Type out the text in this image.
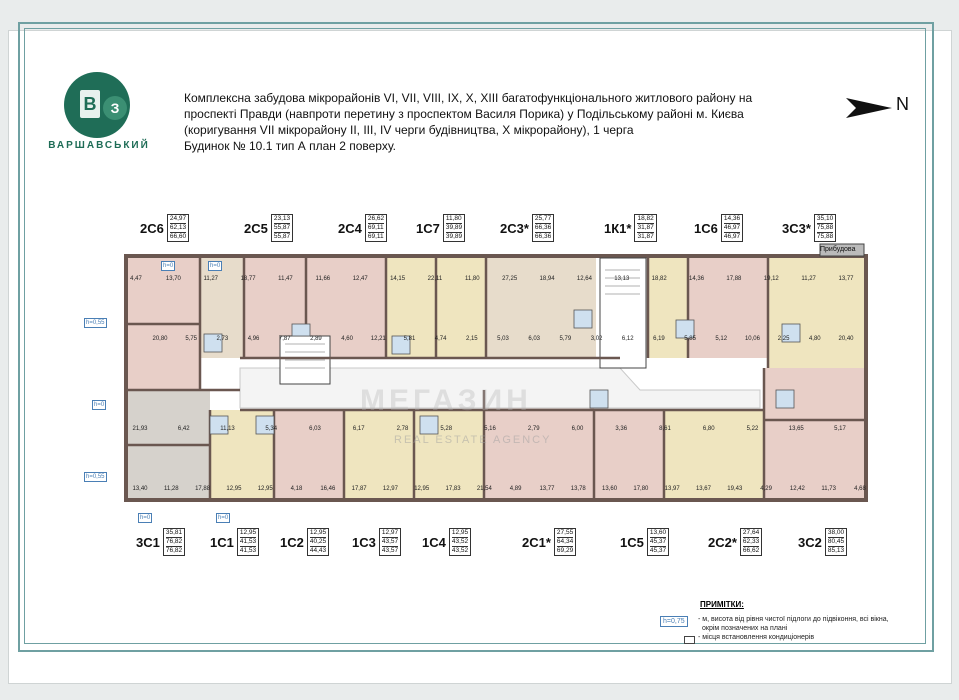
В	З
ВАРШАВСЬКИЙ
Комплексна забудова мікрорайонів VI, VII, VIII, IX, X, XIII багатофункціонального житлового району на
проспекті Правди (навпроти перетину з проспектом Василя Порика) у Подільському районі м. Києва
(коригування VII мікрорайону II, III, IV черги будівництва, X мікрорайону), 1 черга
Будинок № 10.1 тип А план 2 поверху.
N
4,47	13,70	11,27	18,77	11,47	11,66	12,47	14,15	22,11	11,80	27,25	18,94	12,64	13,13	18,82	14,36	17,88	19,12	11,27	13,77
20,80	5,75	2,73	4,96	7,87	2,89	4,60	12,21	5,81	4,74	2,15	5,03	6,03	5,79	3,02	6,12	6,19	5,85	5,12	10,06	2,25	4,80	20,40
21,93	6,42	11,13	5,34	6,03	6,17	2,78	5,28	5,16	2,79	6,00	3,36	8,61	6,80	5,22	13,65	5,17
13,40	11,28	17,88	12,95	12,95	4,18	16,46	17,87	12,97	12,95	17,83	21,54	4,89	13,77	13,78	13,60	17,80	13,97	13,67	19,43	4,29	12,42	11,73	4,68
h=0	h=0
h=0,55
h=0
h=0,55
h=0	h=0
Прибудова
МЕГАЗИН
REAL ESTATE AGENCY
2С6
24,97
62,13
66,60
2С5
23,13
55,87
55,87
2С4
26,62
69,11
69,11
1С7
11,80
39,89
39,89
2С3*
25,77
66,36
66,36
1К1*
18,82
31,87
31,87
1С6
14,36
46,97
46,97
3С3*
35,10
75,88
75,88
3С1
35,81
76,82
76,82
1С1
12,95
41,53
41,53
1С2
12,95
40,25
44,43
1С3
12,97
43,57
43,57
1С4
12,95
43,52
43,52
2С1*
27,55
64,34
69,29
1С5
13,60
45,37
45,37
2С2*
27,64
62,33
66,62
3С2
38,00
80,45
85,13
ПРИМІТКИ:
h=0,75	- м, висота від рівня чистої підлоги до підвіконня, всі вікна,
окрім позначених на плані
- місця встановлення кондиціонерів
